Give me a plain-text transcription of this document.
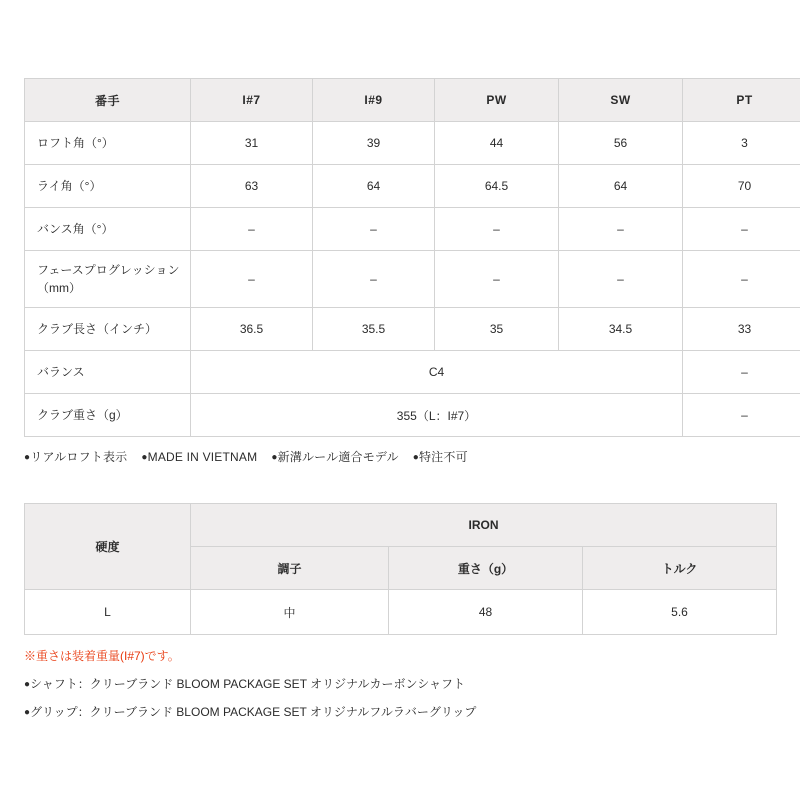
番手	I#7	I#9	PW	SW	PT
ロフト角（°）	31	39	44	56	3
ライ角（°）	63	64	64.5	64	70
バンス角（°）	–	–	–	–	–
フェースプログレッション（mm）	–	–	–	–	–
クラブ長さ（インチ）	36.5	35.5	35	34.5	33
バランス	C4				–
クラブ重さ（g）	355（L：I#7）				–
●リアルロフト表示 ●MADE IN VIETNAM ●新溝ルール適合モデル ●特注不可
硬度	IRON		
	調子	重さ（g）	トルク
L	中	48	5.6
※重さは装着重量(I#7)です。
●シャフト：クリーブランド BLOOM PACKAGE SET オリジナルカーボンシャフト
●グリップ：クリーブランド BLOOM PACKAGE SET オリジナルフルラバーグリップ
